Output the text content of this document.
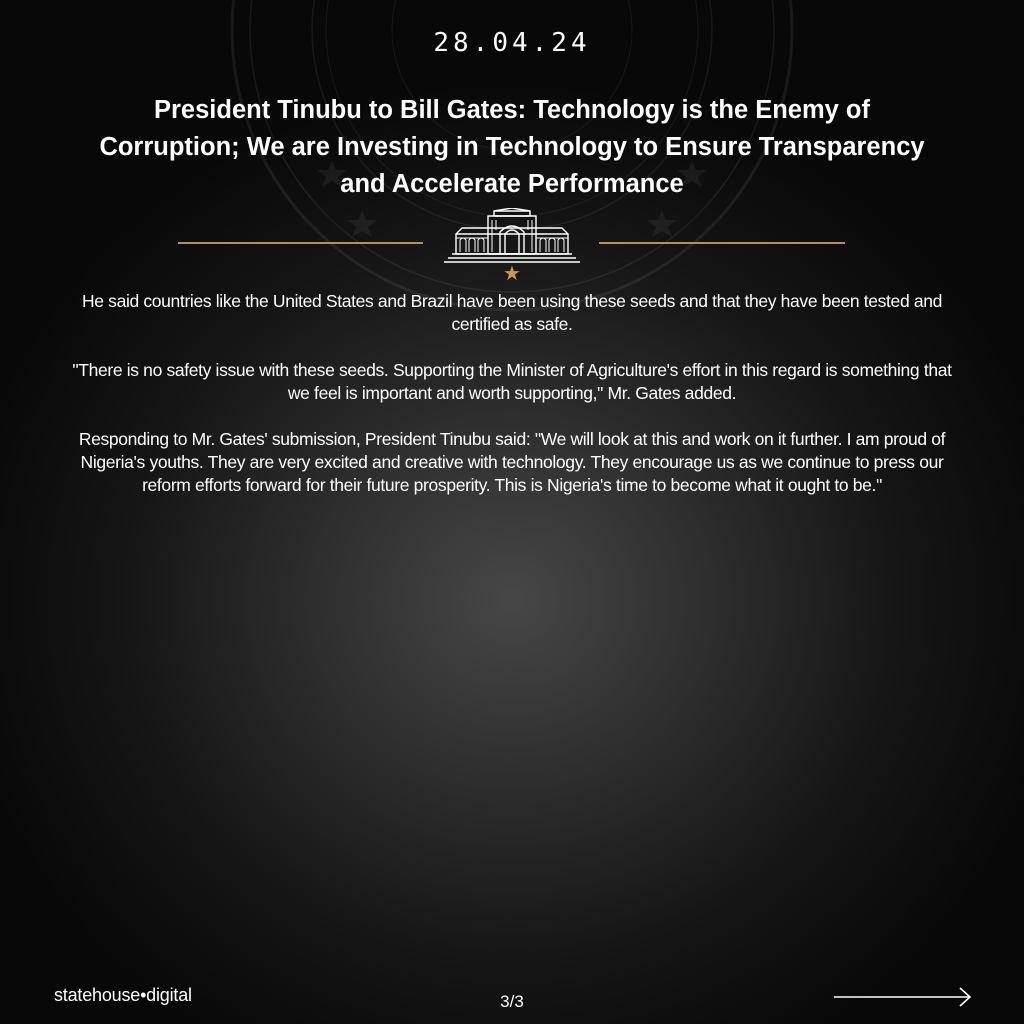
28.04.24
President Tinubu to Bill Gates: Technology is the Enemy of Corruption; We are Investing in Technology to Ensure Transparency and Accelerate Performance
★

He said countries like the United States and Brazil have been using these seeds and that they have been tested and certified as safe.

"There is no safety issue with these seeds. Supporting the Minister of Agriculture's effort in this regard is something that we feel is important and worth supporting," Mr. Gates added.

Responding to Mr. Gates' submission, President Tinubu said: "We will look at this and work on it further. I am proud of Nigeria's youths. They are very excited and creative with technology. They encourage us as we continue to press our reform efforts forward for their future prosperity. This is Nigeria's time to become what it ought to be."

statehouse•digital	3/3
